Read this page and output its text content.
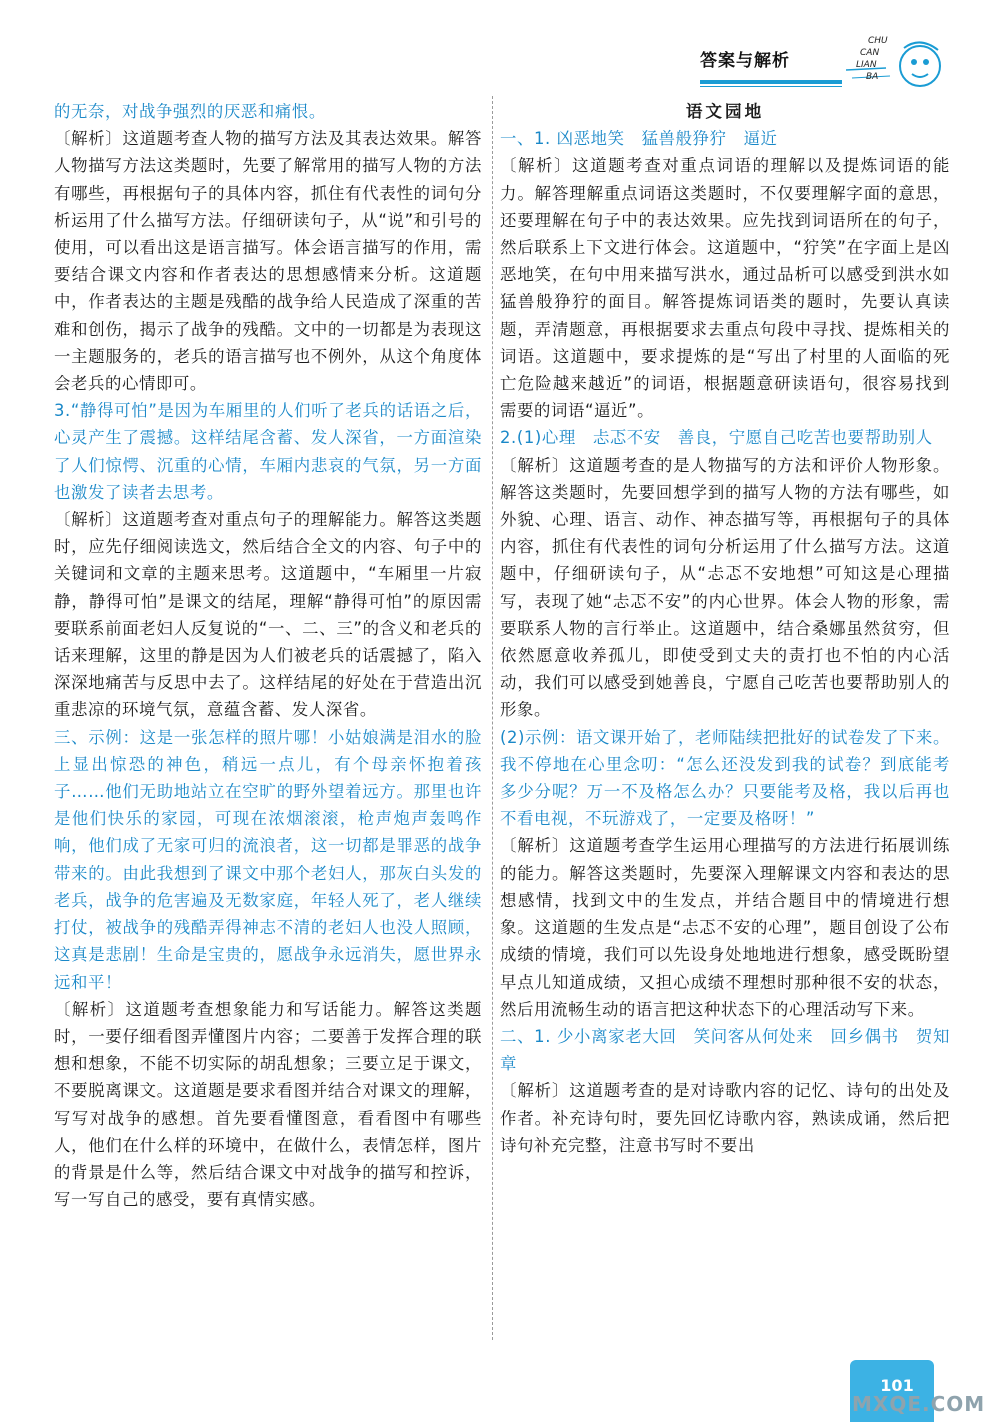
答案与解析
CHU
CAN
LIAN
BA

的无奈，对战争强烈的厌恶和痛恨。

〔解析〕这道题考查人物的描写方法及其表达效果。解答人物描写方法这类题时，先要了解常用的描写人物的方法有哪些，再根据句子的具体内容，抓住有代表性的词句分析运用了什么描写方法。仔细研读句子，从“说”和引号的使用，可以看出这是语言描写。体会语言描写的作用，需要结合课文内容和作者表达的思想感情来分析。这道题中，作者表达的主题是残酷的战争给人民造成了深重的苦难和创伤，揭示了战争的残酷。文中的一切都是为表现这一主题服务的，老兵的语言描写也不例外，从这个角度体会老兵的心情即可。

3.“静得可怕”是因为车厢里的人们听了老兵的话语之后，心灵产生了震撼。这样结尾含蓄、发人深省，一方面渲染了人们惊愕、沉重的心情，车厢内悲哀的气氛，另一方面也激发了读者去思考。

〔解析〕这道题考查对重点句子的理解能力。解答这类题时，应先仔细阅读选文，然后结合全文的内容、句子中的关键词和文章的主题来思考。这道题中，“车厢里一片寂静，静得可怕”是课文的结尾，理解“静得可怕”的原因需要联系前面老妇人反复说的“一、二、三”的含义和老兵的话来理解，这里的静是因为人们被老兵的话震撼了，陷入深深地痛苦与反思中去了。这样结尾的好处在于营造出沉重悲凉的环境气氛，意蕴含蓄、发人深省。

三、示例：这是一张怎样的照片哪！小姑娘满是泪水的脸上显出惊恐的神色，稍远一点儿，有个母亲怀抱着孩子……他们无助地站立在空旷的野外望着远方。那里也许是他们快乐的家园，可现在浓烟滚滚，枪声炮声轰鸣作响，他们成了无家可归的流浪者，这一切都是罪恶的战争带来的。由此我想到了课文中那个老妇人，那灰白头发的老兵，战争的危害遍及无数家庭，年轻人死了，老人继续打仗，被战争的残酷弄得神志不清的老妇人也没人照顾，这真是悲剧！生命是宝贵的，愿战争永远消失，愿世界永远和平！

〔解析〕这道题考查想象能力和写话能力。解答这类题时，一要仔细看图弄懂图片内容；二要善于发挥合理的联想和想象，不能不切实际的胡乱想象；三要立足于课文，不要脱离课文。这道题是要求看图并结合对课文的理解，写写对战争的感想。首先要看懂图意，看看图中有哪些人，他们在什么样的环境中，在做什么，表情怎样，图片的背景是什么等，然后结合课文中对战争的描写和控诉，写一写自己的感受，要有真情实感。

语文园地

一、1. 凶恶地笑　猛兽般狰狞　逼近

〔解析〕这道题考查对重点词语的理解以及提炼词语的能力。解答理解重点词语这类题时，不仅要理解字面的意思，还要理解在句子中的表达效果。应先找到词语所在的句子，然后联系上下文进行体会。这道题中，“狞笑”在字面上是凶恶地笑，在句中用来描写洪水，通过品析可以感受到洪水如猛兽般狰狞的面目。解答提炼词语类的题时，先要认真读题，弄清题意，再根据要求去重点句段中寻找、提炼相关的词语。这道题中，要求提炼的是“写出了村里的人面临的死亡危险越来越近”的词语，根据题意研读语句，很容易找到需要的词语“逼近”。

2.(1)心理　忐忑不安　善良，宁愿自己吃苦也要帮助别人

〔解析〕这道题考查的是人物描写的方法和评价人物形象。解答这类题时，先要回想学到的描写人物的方法有哪些，如外貌、心理、语言、动作、神态描写等，再根据句子的具体内容，抓住有代表性的词句分析运用了什么描写方法。这道题中，仔细研读句子，从“忐忑不安地想”可知这是心理描写，表现了她“忐忑不安”的内心世界。体会人物的形象，需要联系人物的言行举止。这道题中，结合桑娜虽然贫穷，但依然愿意收养孤儿，即使受到丈夫的责打也不怕的内心活动，我们可以感受到她善良，宁愿自己吃苦也要帮助别人的形象。

(2)示例：语文课开始了，老师陆续把批好的试卷发了下来。我不停地在心里念叨：“怎么还没发到我的试卷？到底能考多少分呢？万一不及格怎么办？只要能考及格，我以后再也不看电视，不玩游戏了，一定要及格呀！”

〔解析〕这道题考查学生运用心理描写的方法进行拓展训练的能力。解答这类题时，先要深入理解课文内容和表达的思想感情，找到文中的生发点，并结合题目中的情境进行想象。这道题的生发点是“忐忑不安的心理”，题目创设了公布成绩的情境，我们可以先设身处地地进行想象，感受既盼望早点儿知道成绩，又担心成绩不理想时那种很不安的状态，然后用流畅生动的语言把这种状态下的心理活动写下来。

二、1. 少小离家老大回　笑问客从何处来　回乡偶书　贺知章

〔解析〕这道题考查的是对诗歌内容的记忆、诗句的出处及作者。补充诗句时，要先回忆诗歌内容，熟读成诵，然后把诗句补充完整，注意书写时不要出

101
MXQE.COM
